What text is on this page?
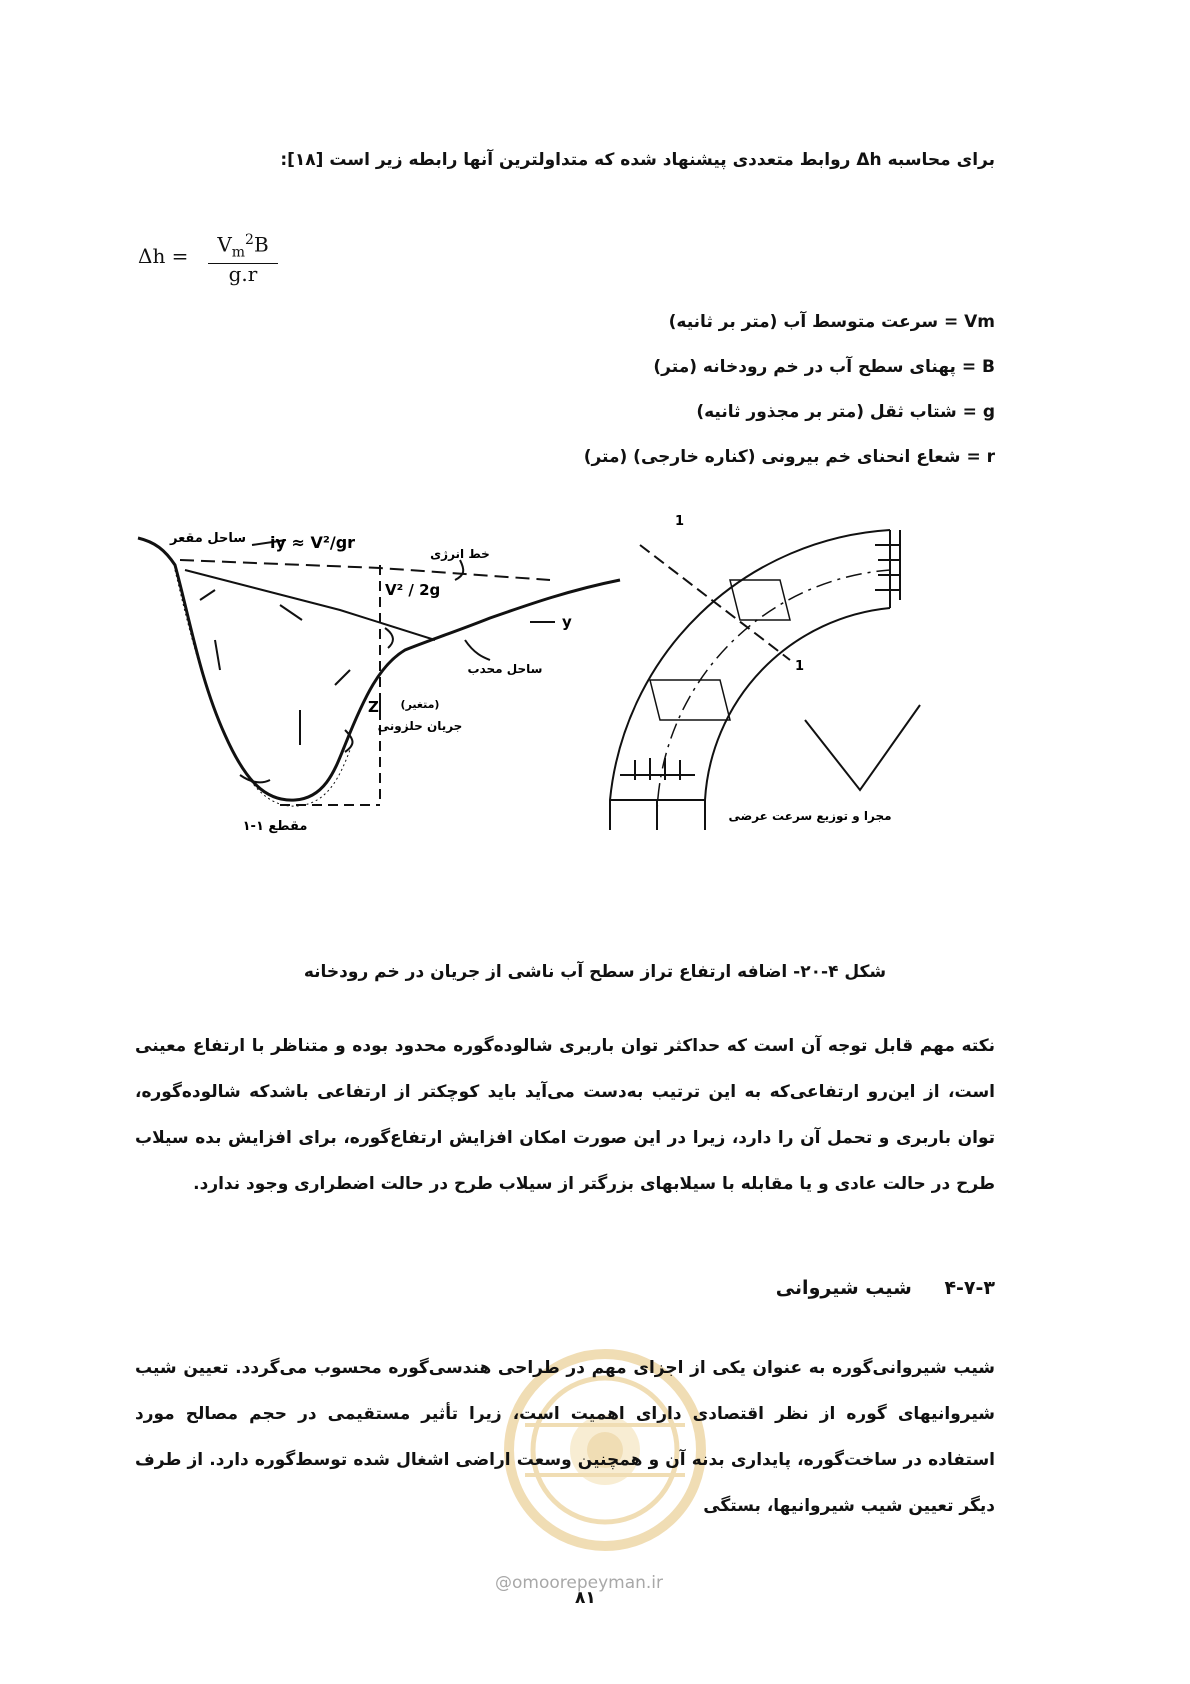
برای محاسبه Δh روابط متعددی پیشنهاد شده که متداولترین آنها رابطه زیر است [۱۸]:
Δh =	$V_m^2B$
g.r
Vm = سرعت متوسط آب (متر بر ثانیه)
B = پهنای سطح آب در خم رودخانه (متر)
g = شتاب ثقل (متر بر مجذور ثانیه)
r = شعاع انحنای خم بیرونی (کناره خارجی) (متر)
ساحل مقعر
خط انرژی
iy ≈ V²/gr
V² / 2g
y
Z
ساحل محدب
(متغیر)
جریان حلزونی
مقطع ۱-۱
1
1
مجرا و توزیع سرعت عرضی
شکل ۴-۲۰- اضافه ارتفاع تراز سطح آب ناشی از جریان در خم رودخانه
نکته مهم قابل توجه آن است که حداکثر توان باربری شالوده‌گوره محدود بوده و متناظر با ارتفاع معینی است، از این‌رو ارتفاعی‌که به این ترتیب به‌دست می‌آید باید کوچکتر از ارتفاعی باشدکه شالوده‌گوره، توان باربری و تحمل آن را دارد، زیرا در این صورت امکان افزایش ارتفاع‌گوره، برای افزایش بده سیلاب طرح در حالت عادی و یا مقابله با سیلابهای بزرگتر از سیلاب طرح در حالت اضطراری وجود ندارد.
۴-۷-۳ شیب شیروانی
@omoorepeyman.ir
شیب شیروانی‌گوره به عنوان یکی از اجزای مهم در طراحی هندسی‌گوره محسوب می‌گردد. تعیین شیب شیروانیهای گوره از نظر اقتصادی دارای اهمیت است، زیرا تأثیر مستقیمی در حجم مصالح مورد استفاده در ساخت‌گوره، پایداری بدنه آن و همچنین وسعت اراضی اشغال شده توسط‌گوره دارد. از طرف دیگر تعیین شیب شیروانیها، بستگی
۸۱
